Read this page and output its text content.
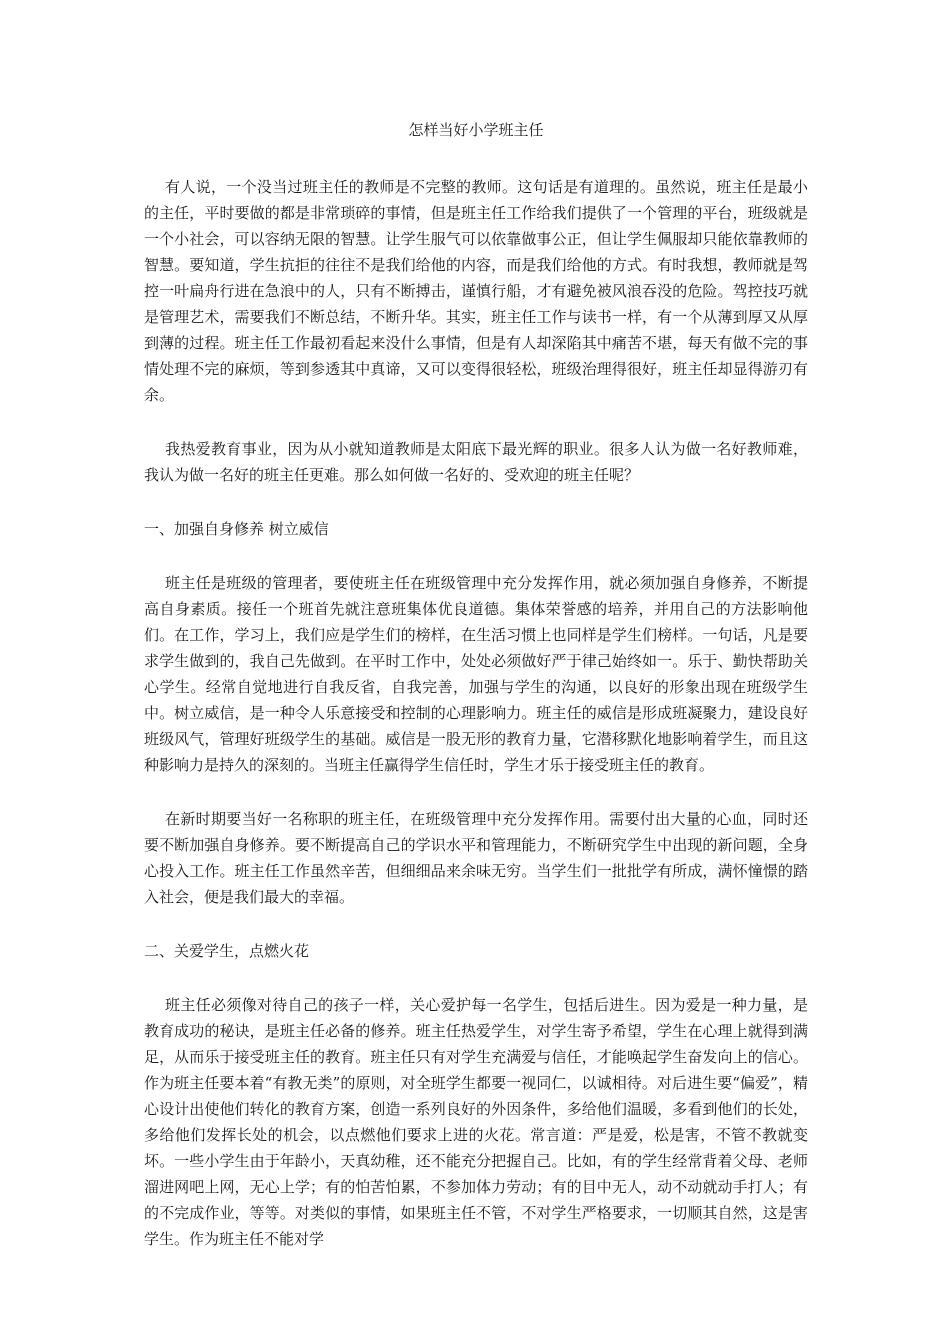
怎样当好小学班主任

有人说，一个没当过班主任的教师是不完整的教师。这句话是有道理的。虽然说，班主任是最小的主任，平时要做的都是非常琐碎的事情，但是班主任工作给我们提供了一个管理的平台，班级就是一个小社会，可以容纳无限的智慧。让学生服气可以依靠做事公正，但让学生佩服却只能依靠教师的智慧。要知道，学生抗拒的往往不是我们给他的内容，而是我们给他的方式。有时我想，教师就是驾控一叶扁舟行进在急浪中的人，只有不断搏击，谨慎行船，才有避免被风浪吞没的危险。驾控技巧就是管理艺术，需要我们不断总结，不断升华。其实，班主任工作与读书一样，有一个从薄到厚又从厚到薄的过程。班主任工作最初看起来没什么事情，但是有人却深陷其中痛苦不堪，每天有做不完的事情处理不完的麻烦，等到参透其中真谛，又可以变得很轻松，班级治理得很好，班主任却显得游刃有余。

我热爱教育事业，因为从小就知道教师是太阳底下最光辉的职业。很多人认为做一名好教师难，我认为做一名好的班主任更难。那么如何做一名好的、受欢迎的班主任呢？

一、加强自身修养 树立威信

班主任是班级的管理者，要使班主任在班级管理中充分发挥作用，就必须加强自身修养，不断提高自身素质。接任一个班首先就注意班集体优良道德。集体荣誉感的培养，并用自己的方法影响他们。在工作，学习上，我们应是学生们的榜样，在生活习惯上也同样是学生们榜样。一句话，凡是要求学生做到的，我自己先做到。在平时工作中，处处必须做好严于律己始终如一。乐于、勤快帮助关心学生。经常自觉地进行自我反省，自我完善，加强与学生的沟通，以良好的形象出现在班级学生中。树立威信，是一种令人乐意接受和控制的心理影响力。班主任的威信是形成班凝聚力，建设良好班级风气，管理好班级学生的基础。威信是一股无形的教育力量，它潜移默化地影响着学生，而且这种影响力是持久的深刻的。当班主任赢得学生信任时，学生才乐于接受班主任的教育。

在新时期要当好一名称职的班主任，在班级管理中充分发挥作用。需要付出大量的心血，同时还要不断加强自身修养。要不断提高自己的学识水平和管理能力，不断研究学生中出现的新问题，全身心投入工作。班主任工作虽然辛苦，但细细品来余味无穷。当学生们一批批学有所成，满怀憧憬的踏入社会，便是我们最大的幸福。

二、关爱学生，点燃火花

班主任必须像对待自己的孩子一样，关心爱护每一名学生，包括后进生。因为爱是一种力量，是教育成功的秘诀，是班主任必备的修养。班主任热爱学生，对学生寄予希望，学生在心理上就得到满足，从而乐于接受班主任的教育。班主任只有对学生充满爱与信任，才能唤起学生奋发向上的信心。作为班主任要本着“有教无类”的原则，对全班学生都要一视同仁，以诚相待。对后进生要“偏爱”，精心设计出使他们转化的教育方案，创造一系列良好的外因条件，多给他们温暖，多看到他们的长处，多给他们发挥长处的机会，以点燃他们要求上进的火花。常言道：严是爱，松是害，不管不教就变坏。一些小学生由于年龄小，天真幼稚，还不能充分把握自己。比如，有的学生经常背着父母、老师溜进网吧上网，无心上学；有的怕苦怕累，不参加体力劳动；有的目中无人，动不动就动手打人；有的不完成作业，等等。对类似的事情，如果班主任不管，不对学生严格要求，一切顺其自然，这是害学生。作为班主任不能对学
